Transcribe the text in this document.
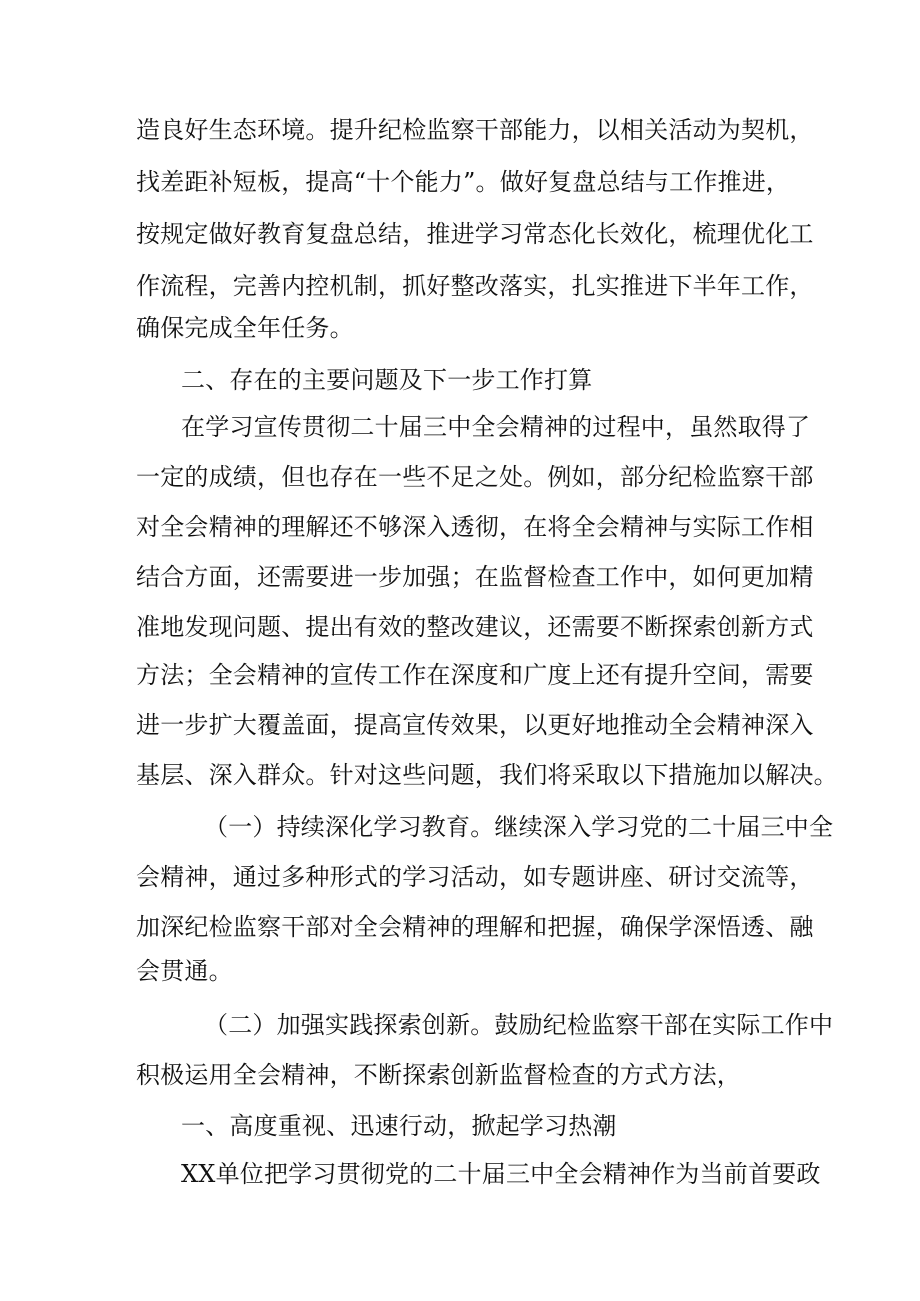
造良好生态环境。提升纪检监察干部能力，以相关活动为契机，

找差距补短板，提高“十个能力”。做好复盘总结与工作推进，

按规定做好教育复盘总结，推进学习常态化长效化，梳理优化工

作流程，完善内控机制，抓好整改落实，扎实推进下半年工作，

确保完成全年任务。

二、存在的主要问题及下一步工作打算

在学习宣传贯彻二十届三中全会精神的过程中，虽然取得了

一定的成绩，但也存在一些不足之处。例如，部分纪检监察干部

对全会精神的理解还不够深入透彻，在将全会精神与实际工作相

结合方面，还需要进一步加强；在监督检查工作中，如何更加精

准地发现问题、提出有效的整改建议，还需要不断探索创新方式

方法；全会精神的宣传工作在深度和广度上还有提升空间，需要

进一步扩大覆盖面，提高宣传效果，以更好地推动全会精神深入

基层、深入群众。针对这些问题，我们将采取以下措施加以解决。

（一）持续深化学习教育。继续深入学习党的二十届三中全

会精神，通过多种形式的学习活动，如专题讲座、研讨交流等，

加深纪检监察干部对全会精神的理解和把握，确保学深悟透、融

会贯通。

（二）加强实践探索创新。鼓励纪检监察干部在实际工作中

积极运用全会精神，不断探索创新监督检查的方式方法，

一、高度重视、迅速行动，掀起学习热潮

XX单位把学习贯彻党的二十届三中全会精神作为当前首要政
